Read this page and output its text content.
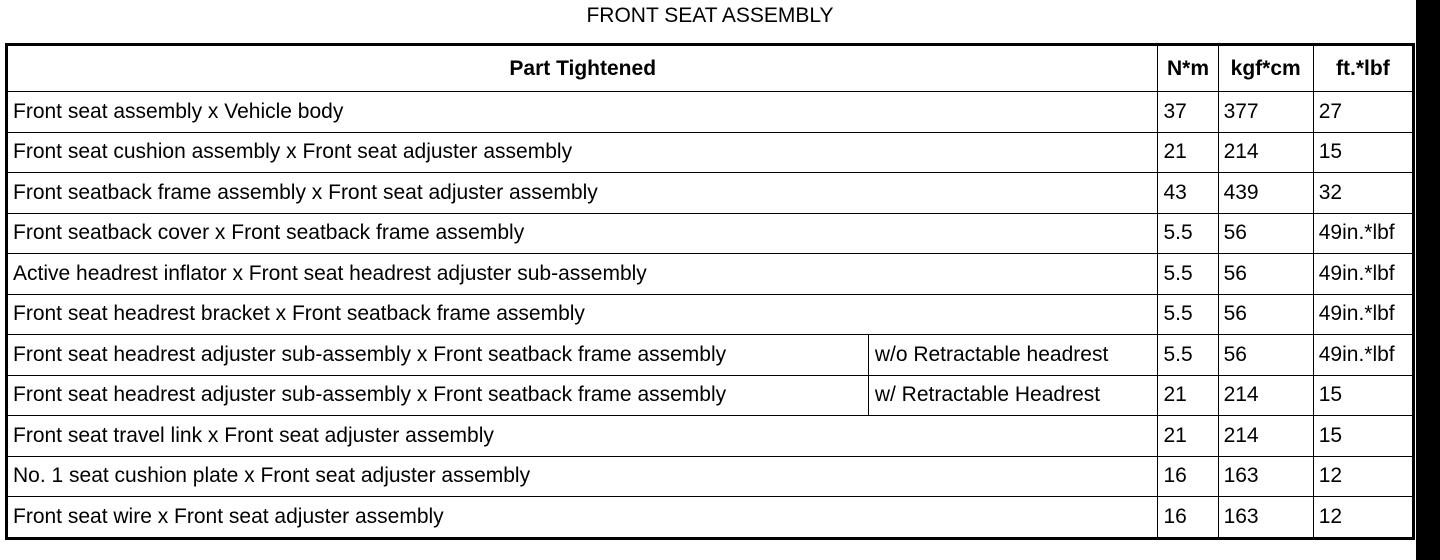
FRONT SEAT ASSEMBLY
Part Tightened		N*m	kgf*cm	ft.*lbf
Front seat assembly x Vehicle body		37	377	27
Front seat cushion assembly x Front seat adjuster assembly		21	214	15
Front seatback frame assembly x Front seat adjuster assembly		43	439	32
Front seatback cover x Front seatback frame assembly		5.5	56	49in.*lbf
Active headrest inflator x Front seat headrest adjuster sub-assembly		5.5	56	49in.*lbf
Front seat headrest bracket x Front seatback frame assembly		5.5	56	49in.*lbf
Front seat headrest adjuster sub-assembly x Front seatback frame assembly	w/o Retractable headrest	5.5	56	49in.*lbf
Front seat headrest adjuster sub-assembly x Front seatback frame assembly	w/ Retractable Headrest	21	214	15
Front seat travel link x Front seat adjuster assembly		21	214	15
No. 1 seat cushion plate x Front seat adjuster assembly		16	163	12
Front seat wire x Front seat adjuster assembly		16	163	12
